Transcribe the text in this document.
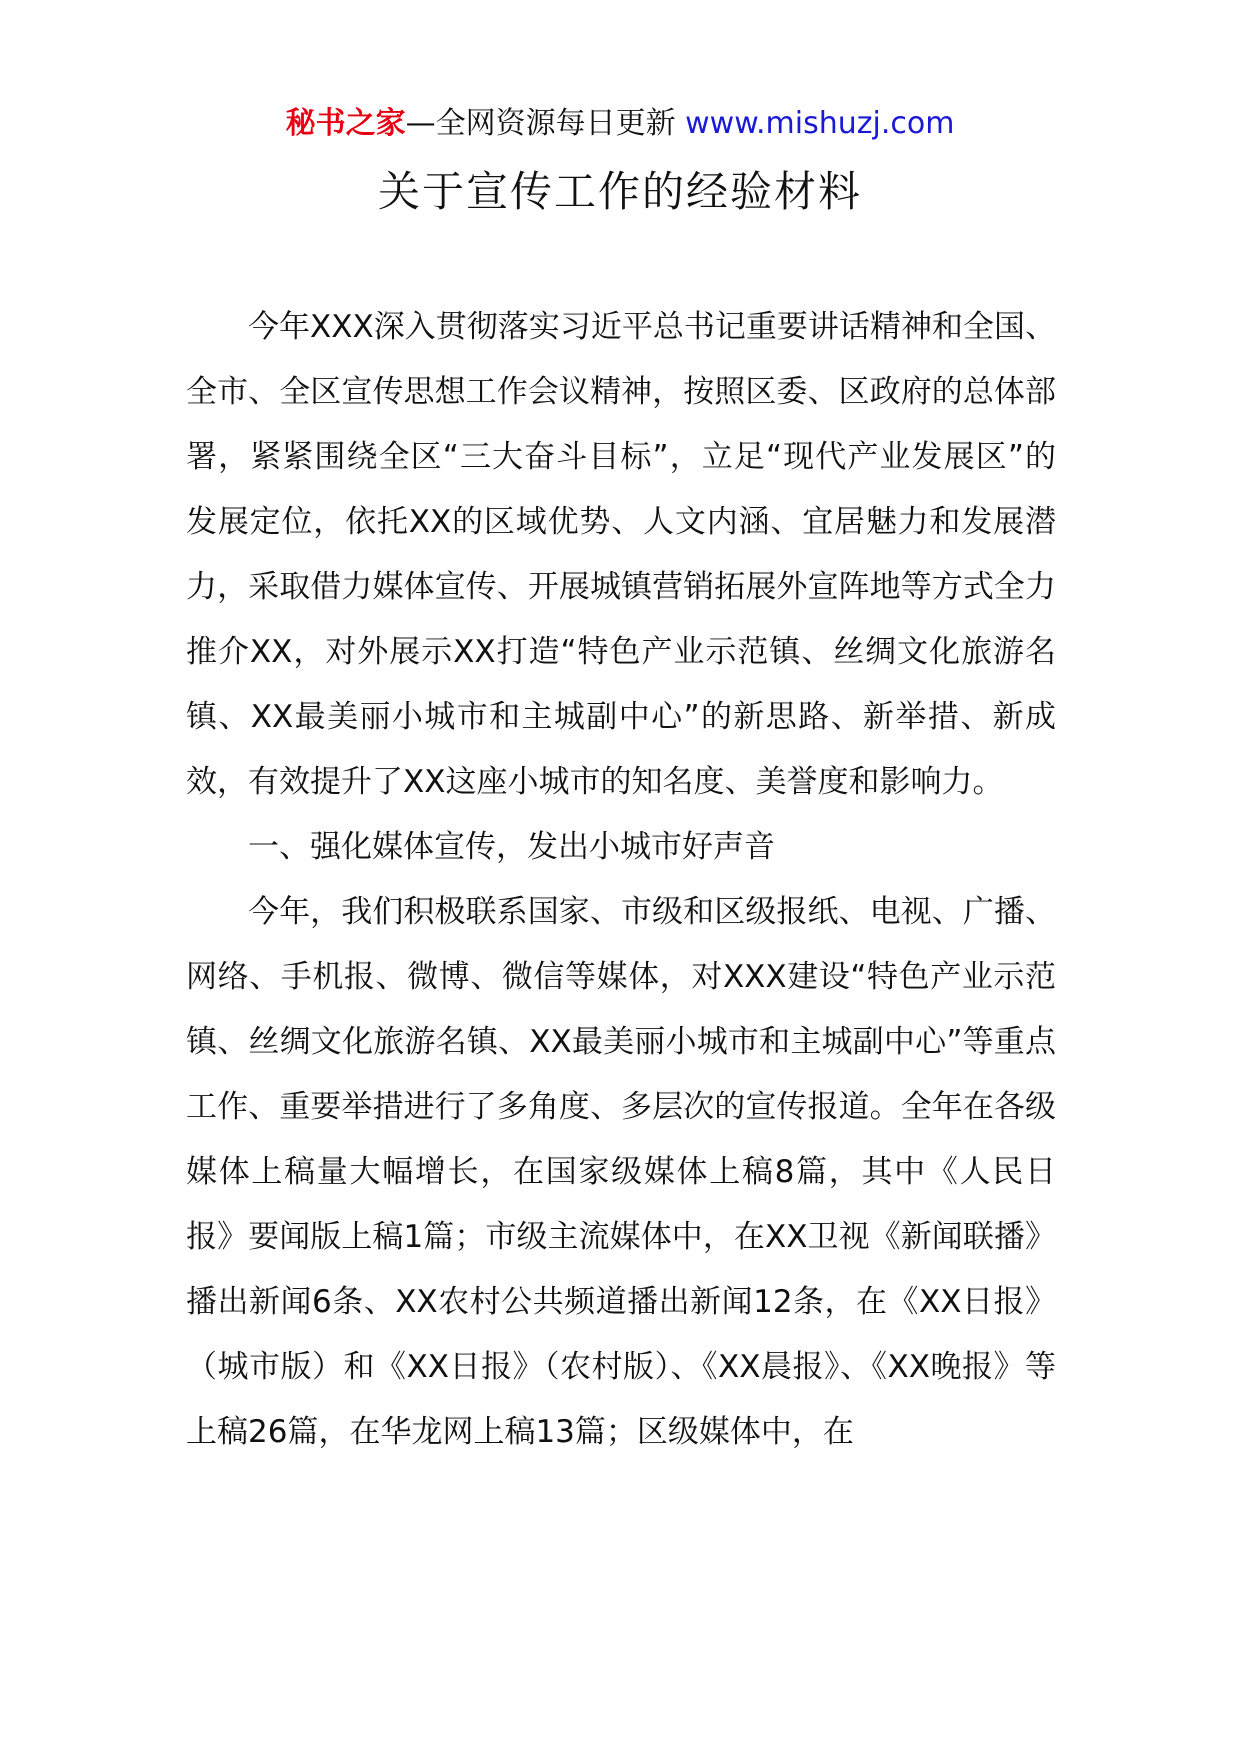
秘书之家—全网资源每日更新 www.mishuzj.com
关于宣传工作的经验材料

今年XXX深入贯彻落实习近平总书记重要讲话精神和全国、全市、全区宣传思想工作会议精神，按照区委、区政府的总体部署，紧紧围绕全区“三大奋斗目标”，立足“现代产业发展区”的发展定位，依托XX的区域优势、人文内涵、宜居魅力和发展潜力，采取借力媒体宣传、开展城镇营销拓展外宣阵地等方式全力推介XX，对外展示XX打造“特色产业示范镇、丝绸文化旅游名镇、XX最美丽小城市和主城副中心”的新思路、新举措、新成效，有效提升了XX这座小城市的知名度、美誉度和影响力。

一、强化媒体宣传，发出小城市好声音

今年，我们积极联系国家、市级和区级报纸、电视、广播、网络、手机报、微博、微信等媒体，对XXX建设“特色产业示范镇、丝绸文化旅游名镇、XX最美丽小城市和主城副中心”等重点工作、重要举措进行了多角度、多层次的宣传报道。全年在各级媒体上稿量大幅增长，在国家级媒体上稿8篇，其中《人民日报》要闻版上稿1篇；市级主流媒体中，在XX卫视《新闻联播》播出新闻6条、XX农村公共频道播出新闻12条，在《XX日报》（城市版）和《XX日报》（农村版）、《XX晨报》、《XX晚报》等上稿26篇，在华龙网上稿13篇；区级媒体中，在
